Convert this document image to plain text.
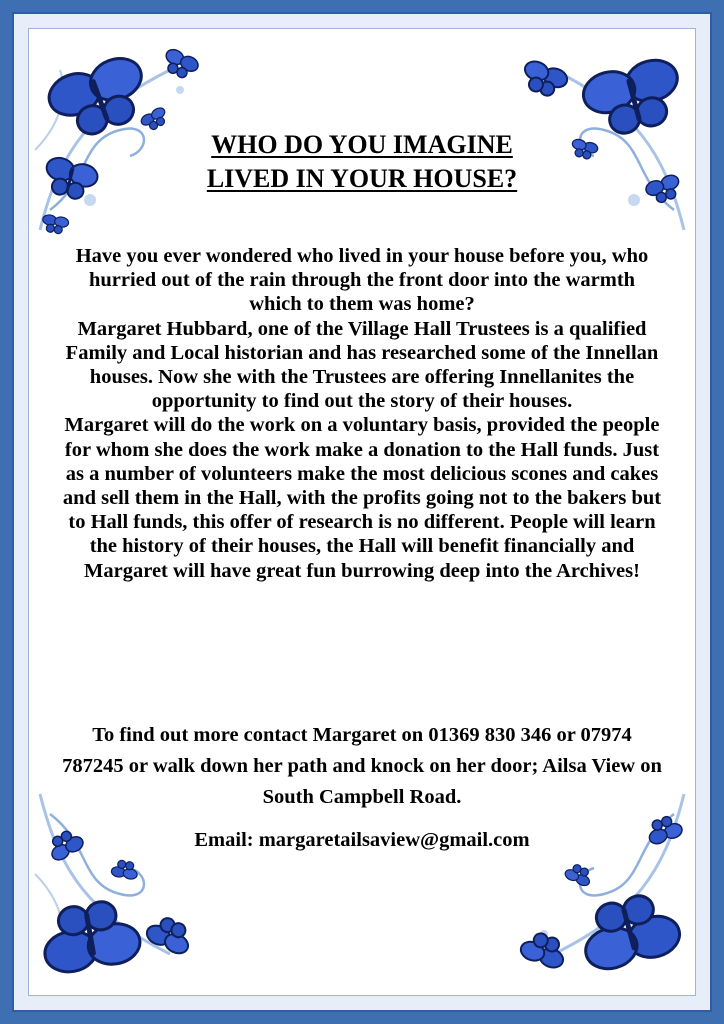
WHO DO YOU IMAGINE
LIVED IN YOUR HOUSE?

Have you ever wondered who lived in your house before you, who hurried out of the rain through the front door into the warmth which to them was home?

Margaret Hubbard, one of the Village Hall Trustees is a qualified Family and Local historian and has researched some of the Innellan houses. Now she with the Trustees are offering Innellanites the opportunity to find out the story of their houses.

Margaret will do the work on a voluntary basis, provided the people for whom she does the work make a donation to the Hall funds. Just as a number of volunteers make the most delicious scones and cakes and sell them in the Hall, with the profits going not to the bakers but to Hall funds, this offer of research is no different. People will learn the history of their houses, the Hall will benefit financially and Margaret will have great fun burrowing deep into the Archives!

To find out more contact Margaret on 01369 830 346 or 07974 787245 or walk down her path and knock on her door; Ailsa View on South Campbell Road.

Email: margaretailsaview@gmail.com
